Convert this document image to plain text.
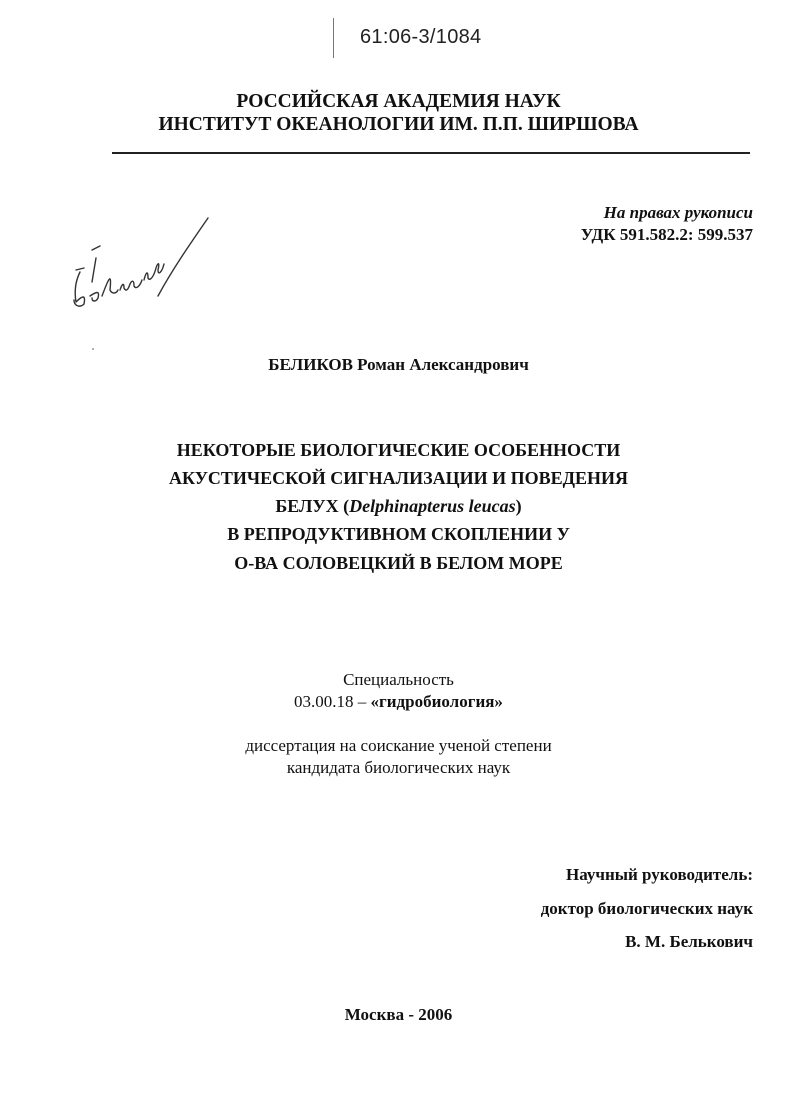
61:06-3/1084
РОССИЙСКАЯ АКАДЕМИЯ НАУК
ИНСТИТУТ ОКЕАНОЛОГИИ ИМ. П.П. ШИРШОВА
На правах рукописи
УДК 591.582.2: 599.537
БЕЛИКОВ Роман Александрович
НЕКОТОРЫЕ БИОЛОГИЧЕСКИЕ ОСОБЕННОСТИ
АКУСТИЧЕСКОЙ СИГНАЛИЗАЦИИ И ПОВЕДЕНИЯ
БЕЛУХ (Delphinapterus leucas)
В РЕПРОДУКТИВНОМ СКОПЛЕНИИ У
О-ВА СОЛОВЕЦКИЙ В БЕЛОМ МОРЕ
Специальность
03.00.18 – «гидробиология»
диссертация на соискание ученой степени
кандидата биологических наук
Научный руководитель:
доктор биологических наук
В. М. Белькович
Москва - 2006
